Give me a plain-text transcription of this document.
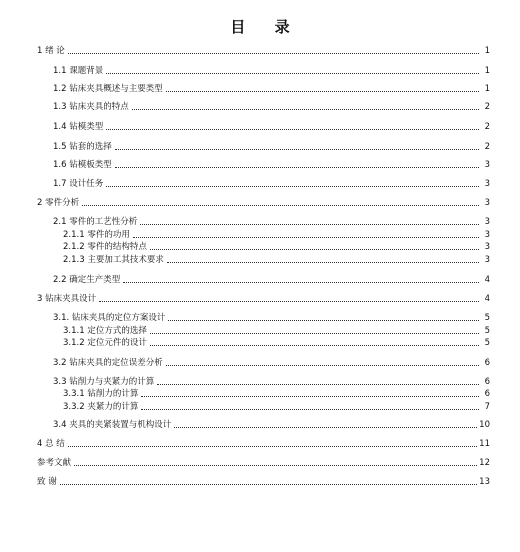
目 录
1 绪 论	1
1.1 课题背景	1
1.2 钻床夹具概述与主要类型	1
1.3 钻床夹具的特点	2
1.4 钻模类型	2
1.5 钻套的选择	2
1.6 钻模板类型	3
1.7 设计任务	3
2 零件分析	3
2.1 零件的工艺性分析	3
2.1.1 零件的功用	3
2.1.2 零件的结构特点	3
2.1.3 主要加工其技术要求	3
2.2 确定生产类型	4
3 钻床夹具设计	4
3.1. 钻床夹具的定位方案设计	5
3.1.1 定位方式的选择	5
3.1.2 定位元件的设计	5
3.2 钻床夹具的定位误差分析	6
3.3 钻削力与夹紧力的计算	6
3.3.1 钻削力的计算	6
3.3.2 夹紧力的计算	7
3.4 夹具的夹紧装置与机构设计	10
4 总 结	11
参考文献	12
致 谢	13
